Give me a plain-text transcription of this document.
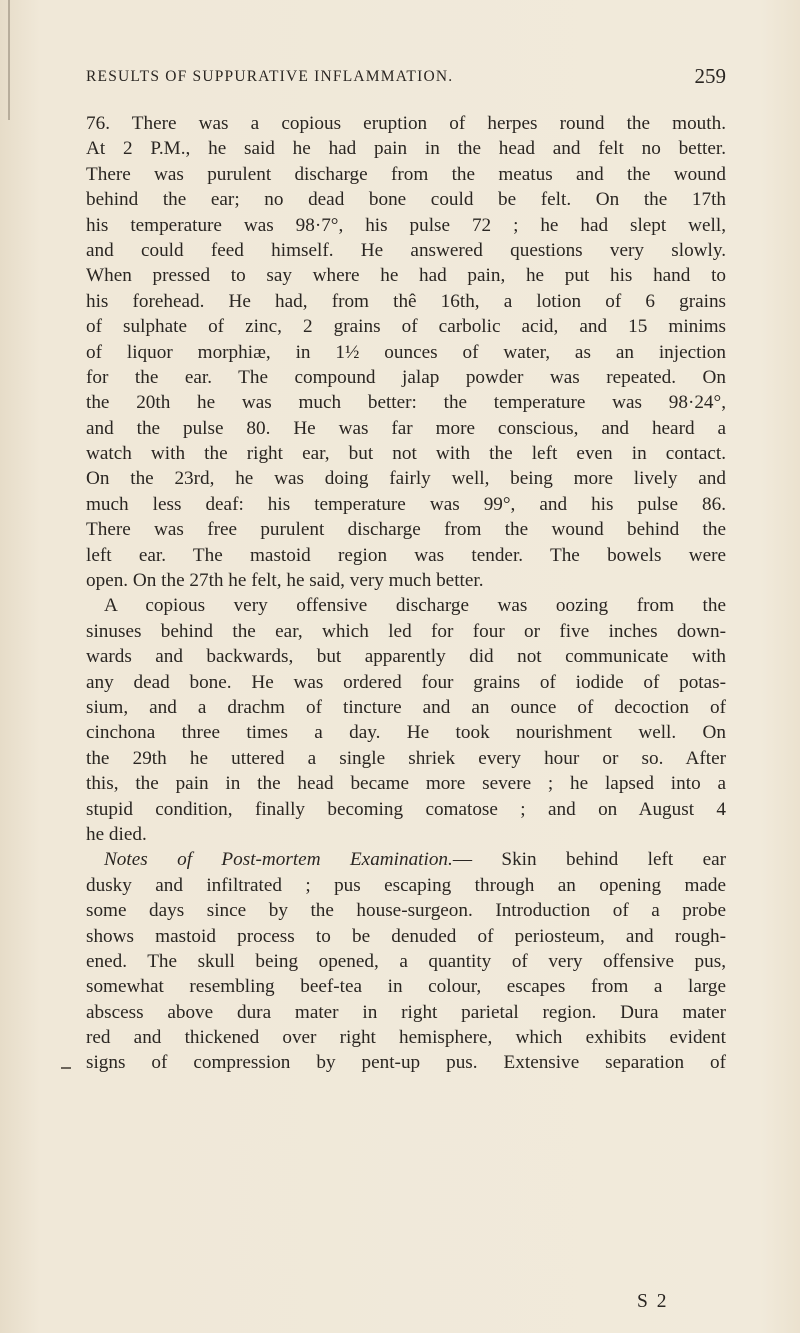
RESULTS OF SUPPURATIVE INFLAMMATION.	259
76. There was a copious eruption of herpes round the mouth.
At 2 P.M., he said he had pain in the head and felt no better.
There was purulent discharge from the meatus and the wound
behind the ear; no dead bone could be felt. On the 17th
his temperature was 98·7°, his pulse 72 ; he had slept well,
and could feed himself. He answered questions very slowly.
When pressed to say where he had pain, he put his hand to
his forehead. He had, from thê 16th, a lotion of 6 grains
of sulphate of zinc, 2 grains of carbolic acid, and 15 minims
of liquor morphiæ, in 1½ ounces of water, as an injection
for the ear. The compound jalap powder was repeated. On
the 20th he was much better: the temperature was 98·24°,
and the pulse 80. He was far more conscious, and heard a
watch with the right ear, but not with the left even in contact.
On the 23rd, he was doing fairly well, being more lively and
much less deaf: his temperature was 99°, and his pulse 86.
There was free purulent discharge from the wound behind the
left ear. The mastoid region was tender. The bowels were
open. On the 27th he felt, he said, very much better.
A copious very offensive discharge was oozing from the
sinuses behind the ear, which led for four or five inches down-
wards and backwards, but apparently did not communicate with
any dead bone. He was ordered four grains of iodide of potas-
sium, and a drachm of tincture and an ounce of decoction of
cinchona three times a day. He took nourishment well. On
the 29th he uttered a single shriek every hour or so. After
this, the pain in the head became more severe ; he lapsed into a
stupid condition, finally becoming comatose ; and on August 4
he died.
Notes of Post-mortem Examination.— Skin behind left ear
dusky and infiltrated ; pus escaping through an opening made
some days since by the house-surgeon. Introduction of a probe
shows mastoid process to be denuded of periosteum, and rough-
ened. The skull being opened, a quantity of very offensive pus,
somewhat resembling beef-tea in colour, escapes from a large
abscess above dura mater in right parietal region. Dura mater
red and thickened over right hemisphere, which exhibits evident
signs of compression by pent-up pus. Extensive separation of
S 2
